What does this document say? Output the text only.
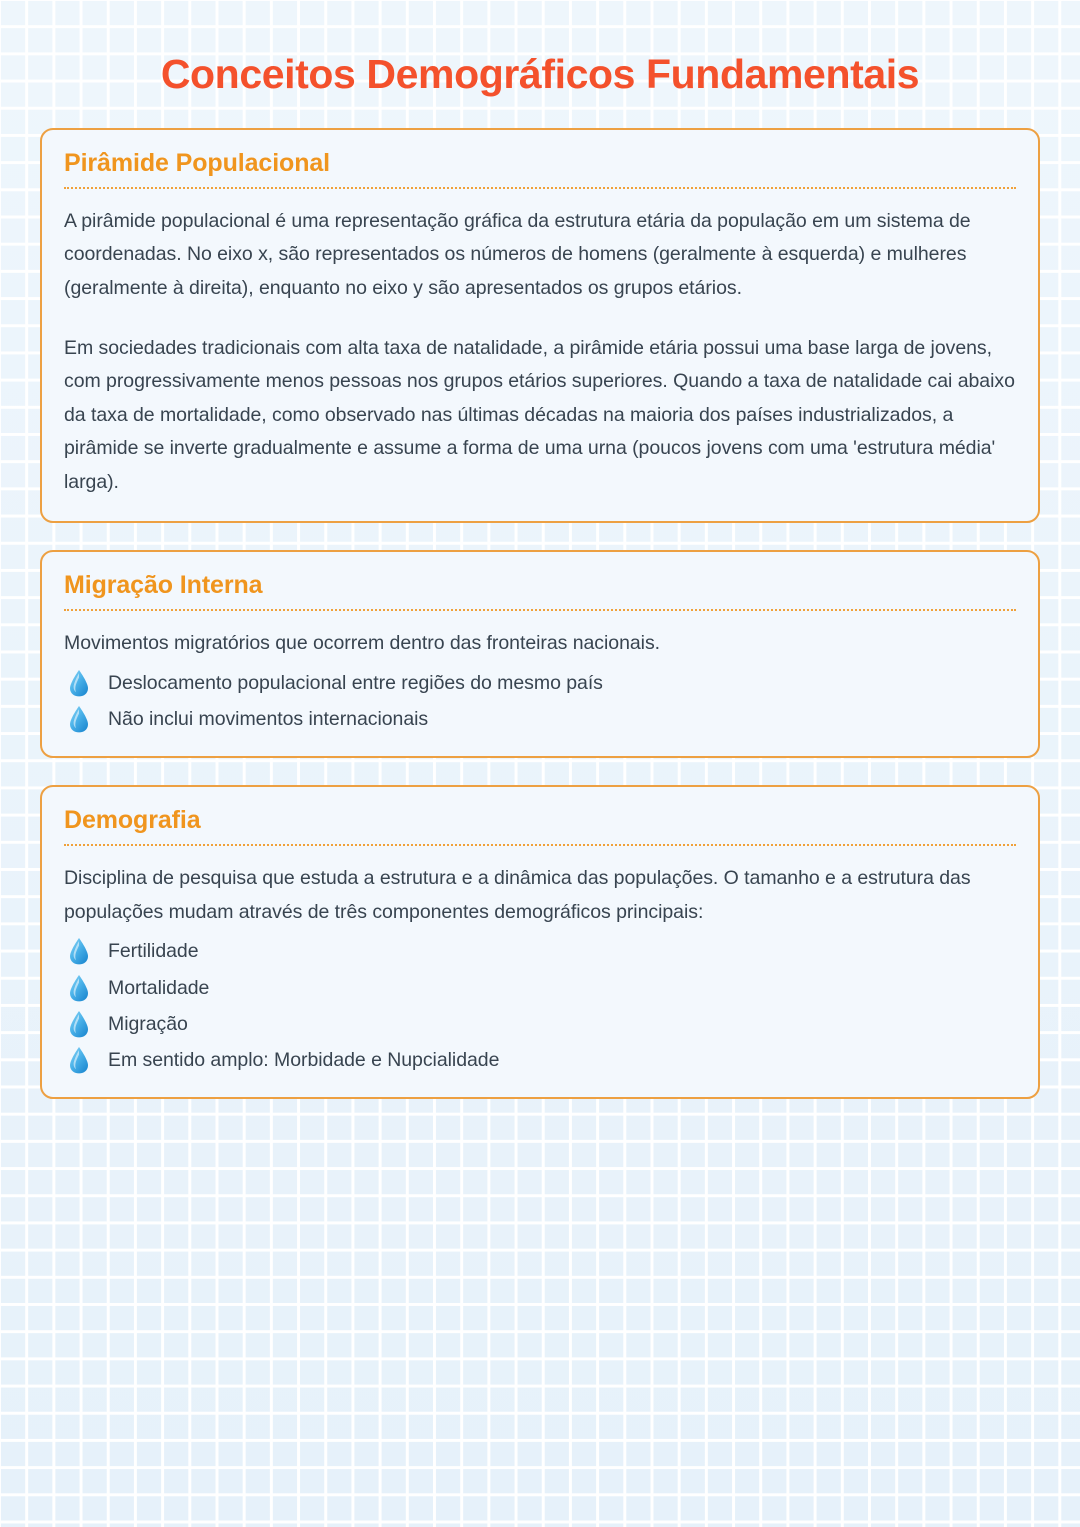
Conceitos Demográficos Fundamentais
Pirâmide Populacional

A pirâmide populacional é uma representação gráfica da estrutura etária da população em um sistema de coordenadas. No eixo x, são representados os números de homens (geralmente à esquerda) e mulheres (geralmente à direita), enquanto no eixo y são apresentados os grupos etários.

Em sociedades tradicionais com alta taxa de natalidade, a pirâmide etária possui uma base larga de jovens, com progressivamente menos pessoas nos grupos etários superiores. Quando a taxa de natalidade cai abaixo da taxa de mortalidade, como observado nas últimas décadas na maioria dos países industrializados, a pirâmide se inverte gradualmente e assume a forma de uma urna (poucos jovens com uma 'estrutura média' larga).

Migração Interna

Movimentos migratórios que ocorrem dentro das fronteiras nacionais.

Deslocamento populacional entre regiões do mesmo país
Não inclui movimentos internacionais
Demografia

Disciplina de pesquisa que estuda a estrutura e a dinâmica das populações. O tamanho e a estrutura das populações mudam através de três componentes demográficos principais:

Fertilidade
Mortalidade
Migração
Em sentido amplo: Morbidade e Nupcialidade
